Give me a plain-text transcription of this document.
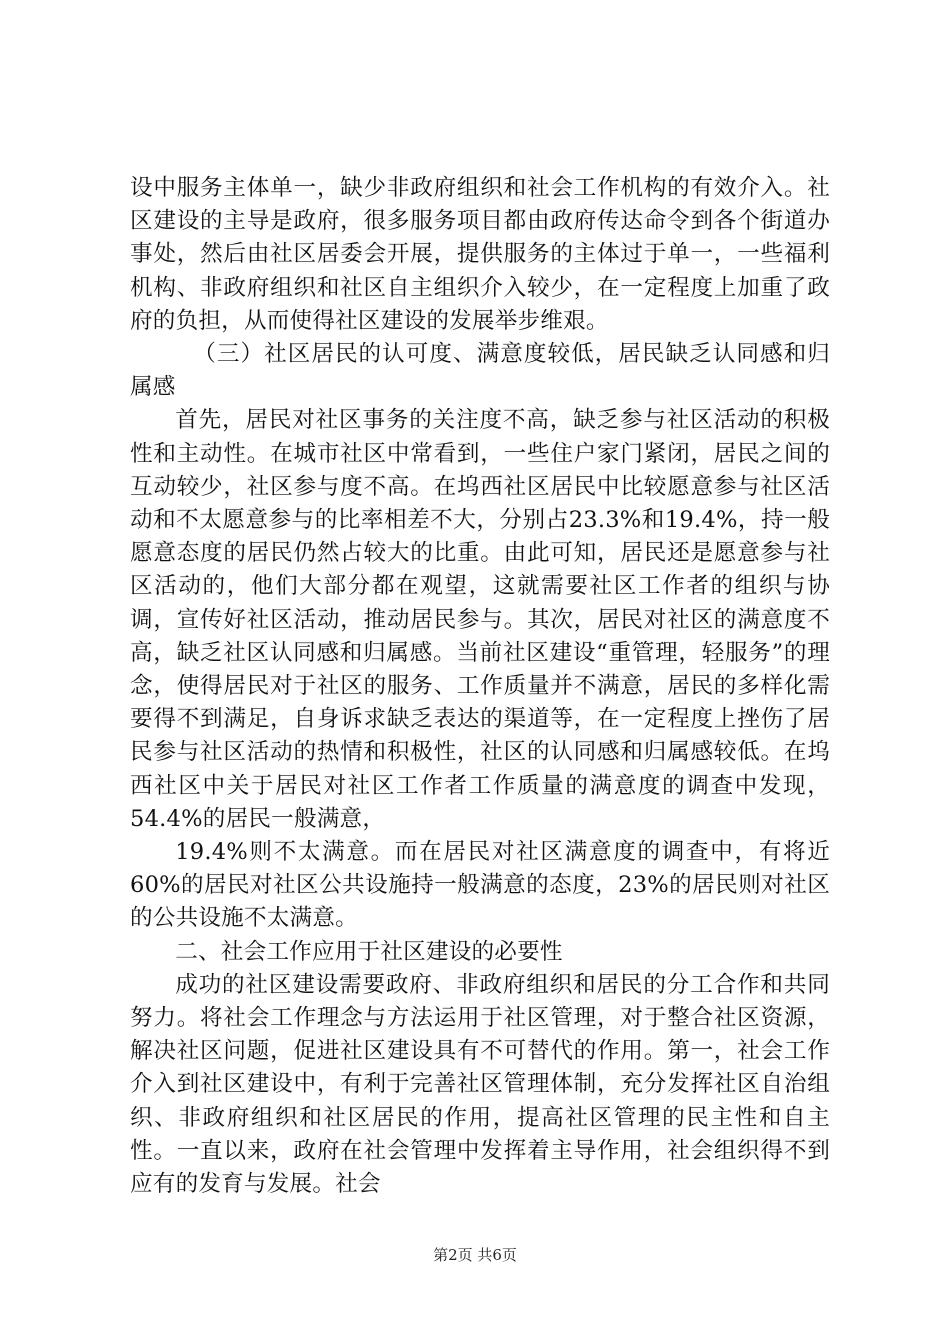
设中服务主体单一，缺少非政府组织和社会工作机构的有效介入。社区建设的主导是政府，很多服务项目都由政府传达命令到各个街道办事处，然后由社区居委会开展，提供服务的主体过于单一，一些福利机构、非政府组织和社区自主组织介入较少，在一定程度上加重了政府的负担，从而使得社区建设的发展举步维艰。

（三）社区居民的认可度、满意度较低，居民缺乏认同感和归属感

首先，居民对社区事务的关注度不高，缺乏参与社区活动的积极性和主动性。在城市社区中常看到，一些住户家门紧闭，居民之间的互动较少，社区参与度不高。在坞西社区居民中比较愿意参与社区活动和不太愿意参与的比率相差不大，分别占23.3%和19.4%，持一般愿意态度的居民仍然占较大的比重。由此可知，居民还是愿意参与社区活动的，他们大部分都在观望，这就需要社区工作者的组织与协调，宣传好社区活动，推动居民参与。其次，居民对社区的满意度不高，缺乏社区认同感和归属感。当前社区建设“重管理，轻服务”的理念，使得居民对于社区的服务、工作质量并不满意，居民的多样化需要得不到满足，自身诉求缺乏表达的渠道等，在一定程度上挫伤了居民参与社区活动的热情和积极性，社区的认同感和归属感较低。在坞西社区中关于居民对社区工作者工作质量的满意度的调查中发现，54.4%的居民一般满意，

19.4%则不太满意。而在居民对社区满意度的调查中，有将近60%的居民对社区公共设施持一般满意的态度，23%的居民则对社区的公共设施不太满意。

二、社会工作应用于社区建设的必要性

成功的社区建设需要政府、非政府组织和居民的分工合作和共同努力。将社会工作理念与方法运用于社区管理，对于整合社区资源，解决社区问题，促进社区建设具有不可替代的作用。第一，社会工作介入到社区建设中，有利于完善社区管理体制，充分发挥社区自治组织、非政府组织和社区居民的作用，提高社区管理的民主性和自主性。一直以来，政府在社会管理中发挥着主导作用，社会组织得不到应有的发育与发展。社会

第2页 共6页
